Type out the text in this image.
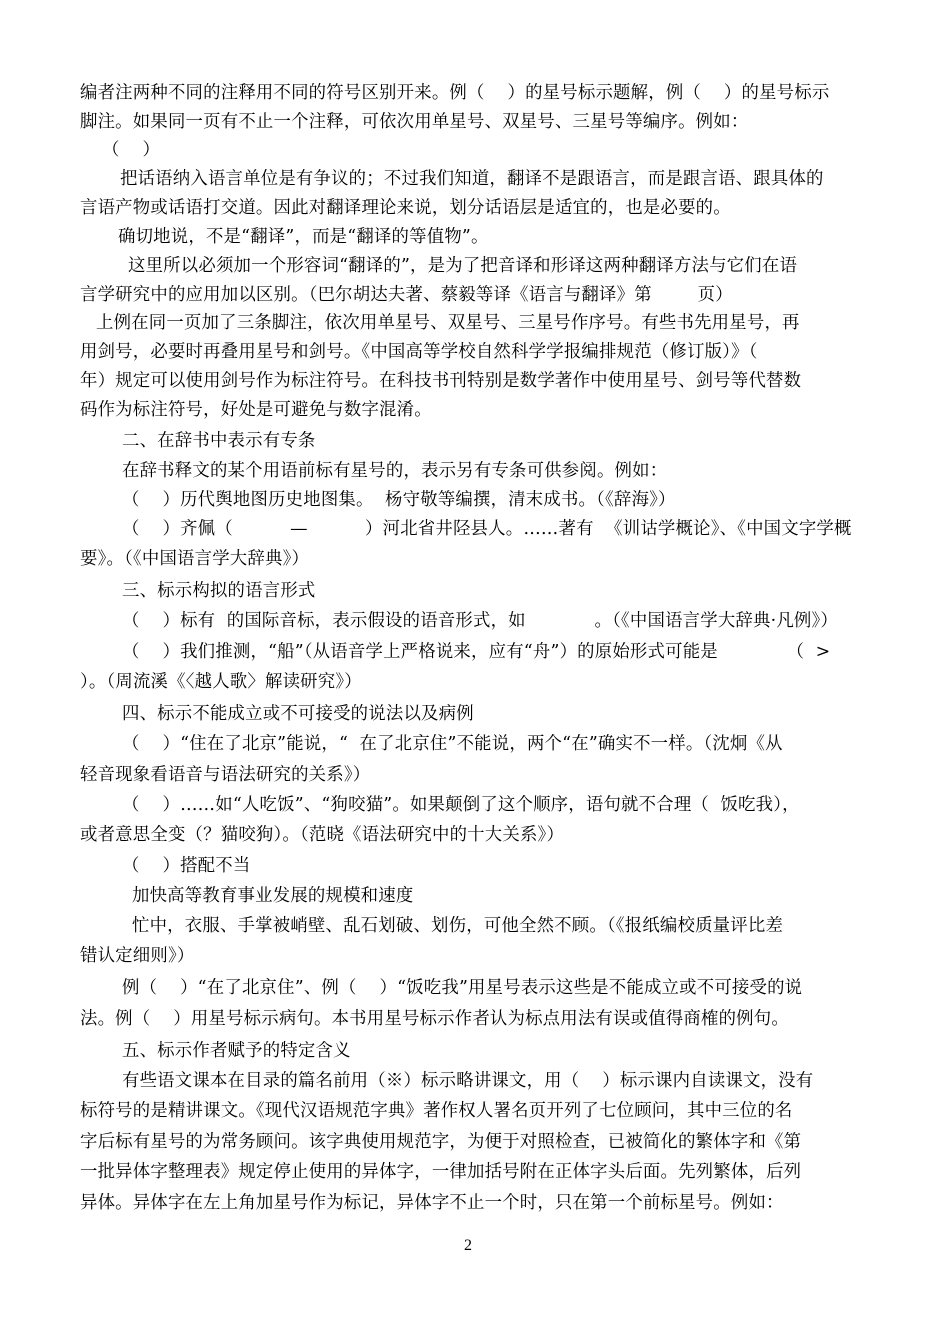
编者注两种不同的注释用不同的符号区别开来。例（    ）的星号标示题解，例（    ）的星号标示
脚注。如果同一页有不止一个注释，可依次用单星号、双星号、三星号等编序。例如：
（    ）
把话语纳入语言单位是有争议的；不过我们知道，翻译不是跟语言，而是跟言语、跟具体的
言语产物或话语打交道。因此对翻译理论来说，划分话语层是适宜的，也是必要的。
确切地说，不是“翻译”，而是“翻译的等值物”。
这里所以必须加一个形容词“翻译的”，是为了把音译和形译这两种翻译方法与它们在语
言学研究中的应用加以区别。（巴尔胡达夫著、蔡毅等译《语言与翻译》第        页）
上例在同一页加了三条脚注，依次用单星号、双星号、三星号作序号。有些书先用星号，再
用剑号，必要时再叠用星号和剑号。《中国高等学校自然科学学报编排规范（修订版）》（
年）规定可以使用剑号作为标注符号。在科技书刊特别是数学著作中使用星号、剑号等代替数
码作为标注符号，好处是可避免与数字混淆。
二、在辞书中表示有专条
在辞书释文的某个用语前标有星号的，表示另有专条可供参阅。例如：
（    ）历代舆地图历史地图集。  杨守敬等编撰，清末成书。（《辞海》）
（    ）齐佩（          —          ）河北省井陉县人。……著有  《训诂学概论》、《中国文字学概
要》。（《中国语言学大辞典》）
三、标示构拟的语言形式
（    ）标有  的国际音标，表示假设的语音形式，如            。（《中国语言学大辞典·凡例》）
（    ）我们推测，“船”（从语音学上严格说来，应有“舟”）的原始形式可能是            （  >
）。（周流溪《〈越人歌〉解读研究》）
四、标示不能成立或不可接受的说法以及病例
（    ）“住在了北京”能说，“  在了北京住”不能说，两个“在”确实不一样。（沈炯《从
轻音现象看语音与语法研究的关系》）
（    ）……如“人吃饭”、“狗咬猫”。如果颠倒了这个顺序，语句就不合理（  饭吃我），
或者意思全变（？猫咬狗）。（范晓《语法研究中的十大关系》）
（    ）搭配不当
加快高等教育事业发展的规模和速度
忙中，衣服、手掌被峭壁、乱石划破、划伤，可他全然不顾。（《报纸编校质量评比差
错认定细则》）
例（    ）“在了北京住”、例（    ）“饭吃我”用星号表示这些是不能成立或不可接受的说
法。例（    ）用星号标示病句。本书用星号标示作者认为标点用法有误或值得商榷的例句。
五、标示作者赋予的特定含义
有些语文课本在目录的篇名前用（※）标示略讲课文，用（    ）标示课内自读课文，没有
标符号的是精讲课文。《现代汉语规范字典》著作权人署名页开列了七位顾问，其中三位的名
字后标有星号的为常务顾问。该字典使用规范字，为便于对照检查，已被简化的繁体字和《第
一批异体字整理表》规定停止使用的异体字，一律加括号附在正体字头后面。先列繁体，后列
异体。异体字在左上角加星号作为标记，异体字不止一个时，只在第一个前标星号。例如：
2
